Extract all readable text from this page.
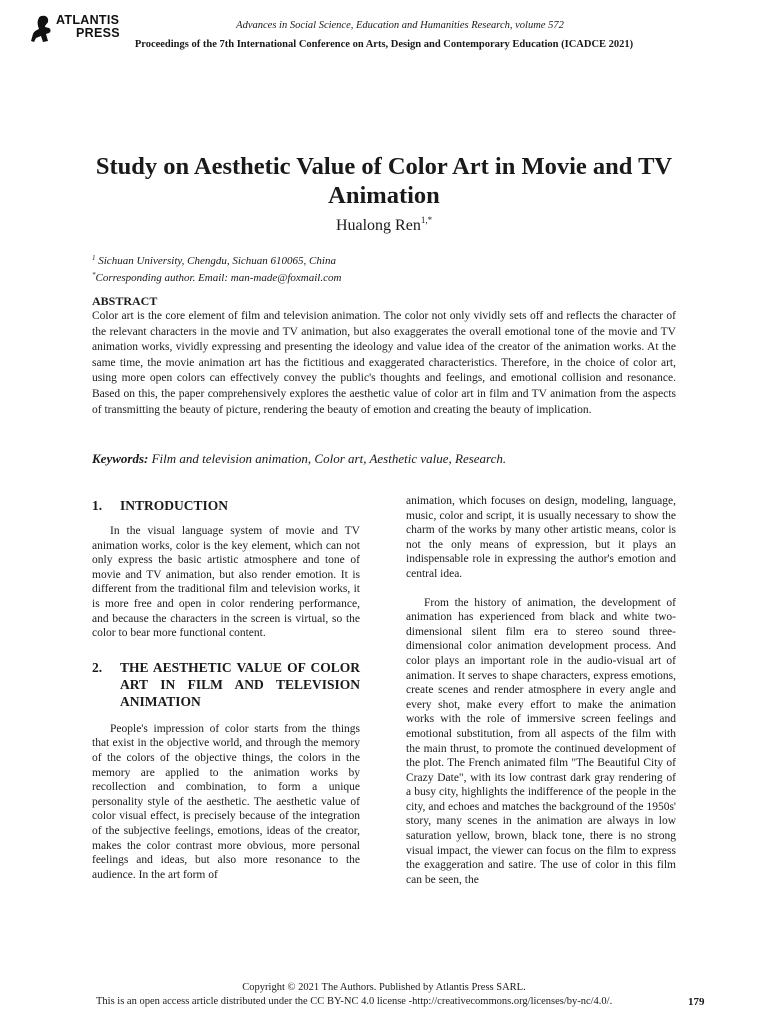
ATLANTIS
PRESS
Advances in Social Science, Education and Humanities Research, volume 572
Proceedings of the 7th International Conference on Arts, Design and Contemporary Education (ICADCE 2021)
Study on Aesthetic Value of Color Art in Movie and TV Animation
Hualong Ren$^{1,*}$
$^1$ Sichuan University, Chengdu, Sichuan 610065, China
*Corresponding author. Email: man-made@foxmail.com
ABSTRACT
Color art is the core element of film and television animation. The color not only vividly sets off and reflects the character of the relevant characters in the movie and TV animation, but also exaggerates the overall emotional tone of the movie and TV animation works, vividly expressing and presenting the ideology and value idea of the creator of the animation works. At the same time, the movie animation art has the fictitious and exaggerated characteristics. Therefore, in the choice of color art, using more open colors can effectively convey the public's thoughts and feelings, and emotional collision and resonance. Based on this, the paper comprehensively explores the aesthetic value of color art in film and TV animation from the aspects of transmitting the beauty of picture, rendering the beauty of emotion and creating the beauty of implication.
Keywords: Film and television animation, Color art, Aesthetic value, Research.
1. INTRODUCTION

In the visual language system of movie and TV animation works, color is the key element, which can not only express the basic artistic atmosphere and tone of movie and TV animation, but also render emotion. It is different from the traditional film and television works, it is more free and open in color rendering performance, and because the characters in the screen is virtual, so the color to bear more functional content.

2. THE AESTHETIC VALUE OF COLOR ART IN FILM AND TELEVISION ANIMATION

People's impression of color starts from the things that exist in the objective world, and through the memory of the colors of the objective things, the colors in the memory are applied to the animation works by recollection and combination, to form a unique personality style of the aesthetic. The aesthetic value of color visual effect, is precisely because of the integration of the subjective feelings, emotions, ideas of the creator, makes the color contrast more obvious, more personal feelings and ideas, but also more resonance to the audience. In the art form of

animation, which focuses on design, modeling, language, music, color and script, it is usually necessary to show the charm of the works by many other artistic means, color is not the only means of expression, but it plays an indispensable role in expressing the author's emotion and central idea.

From the history of animation, the development of animation has experienced from black and white two-dimensional silent film era to stereo sound three-dimensional color animation development process. And color plays an important role in the audio-visual art of animation. It serves to shape characters, express emotions, create scenes and render atmosphere in every angle and every shot, make every effort to make the animation works with the role of immersive screen feelings and emotional substitution, from all aspects of the film with the main thrust, to promote the continued development of the plot. The French animated film "The Beautiful City of Crazy Date", with its low contrast dark gray rendering of a busy city, highlights the indifference of the people in the city, and echoes and matches the background of the 1950s' story, many scenes in the animation are always in low saturation yellow, brown, black tone, there is no strong visual impact, the viewer can focus on the film to express the exaggeration and satire. The use of color in this film can be seen, the

Copyright © 2021 The Authors. Published by Atlantis Press SARL.
This is an open access article distributed under the CC BY-NC 4.0 license -http://creativecommons.org/licenses/by-nc/4.0/.	179
